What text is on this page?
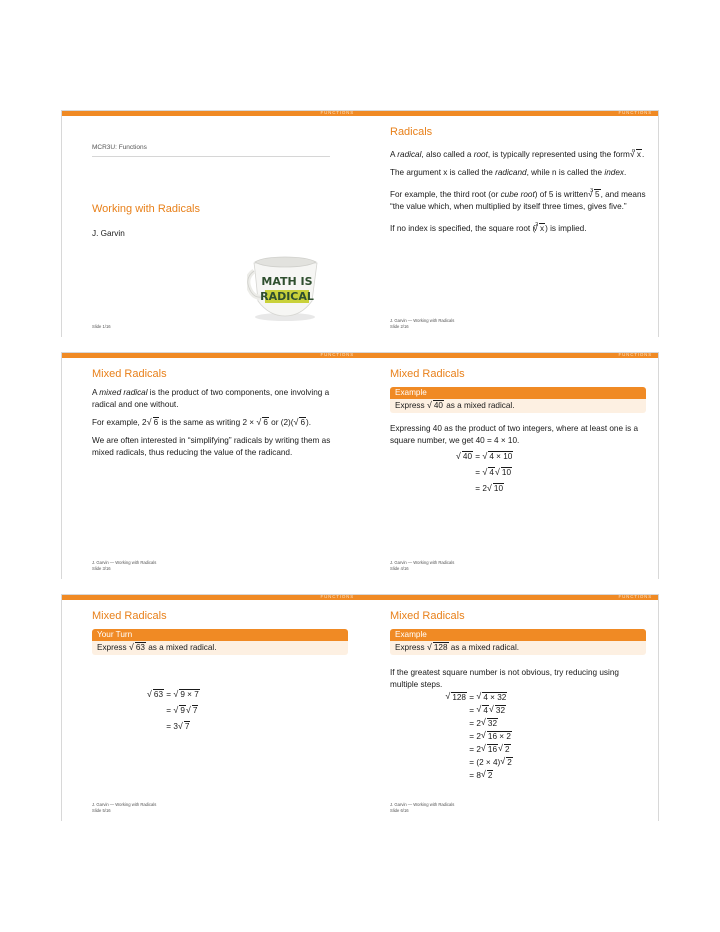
FUNCTIONS
MCR3U: Functions
Working with Radicals
J. Garvin
MATH IS
RADICAL
Slide 1/16
FUNCTIONS
Radicals

A radical, also called a root, is typically represented using the form $^n$ √ x.

The argument x is called the radicand, while n is called the index.

For example, the third root (or cube root) of 5 is written $^3$ √ 5, and means “the value which, when multiplied by itself three times, gives five.”

If no index is specified, the square root ($^2$ √ x) is implied.

J. Garvin — Working with Radicals
Slide 2/16
FUNCTIONS
Mixed Radicals

A mixed radical is the product of two components, one involving a radical and one without.

For example, 2 √ 6 is the same as writing 2 × √ 6 or (2)( √ 6).

We are often interested in “simplifying” radicals by writing them as mixed radicals, thus reducing the value of the radicand.

J. Garvin — Working with Radicals
Slide 3/16
FUNCTIONS
Mixed Radicals
Example
Express √ 40 as a mixed radical.

Expressing 40 as the product of two integers, where at least one is a square number, we get 40 = 4 × 10.

√ 40 = √ 4 × 10
= √ 4 √ 10
= 2 √ 10
J. Garvin — Working with Radicals
Slide 4/16
FUNCTIONS
Mixed Radicals
Your Turn
Express √ 63 as a mixed radical.
√ 63 = √ 9 × 7
= √ 9 √ 7
= 3 √ 7
J. Garvin — Working with Radicals
Slide 5/16
FUNCTIONS
Mixed Radicals
Example
Express √ 128 as a mixed radical.

If the greatest square number is not obvious, try reducing using multiple steps.

√ 128 = √ 4 × 32
= √ 4 √ 32
= 2 √ 32
= 2 √ 16 × 2
= 2 √ 16 √ 2
= (2 × 4) √ 2
= 8 √ 2
J. Garvin — Working with Radicals
Slide 6/16
